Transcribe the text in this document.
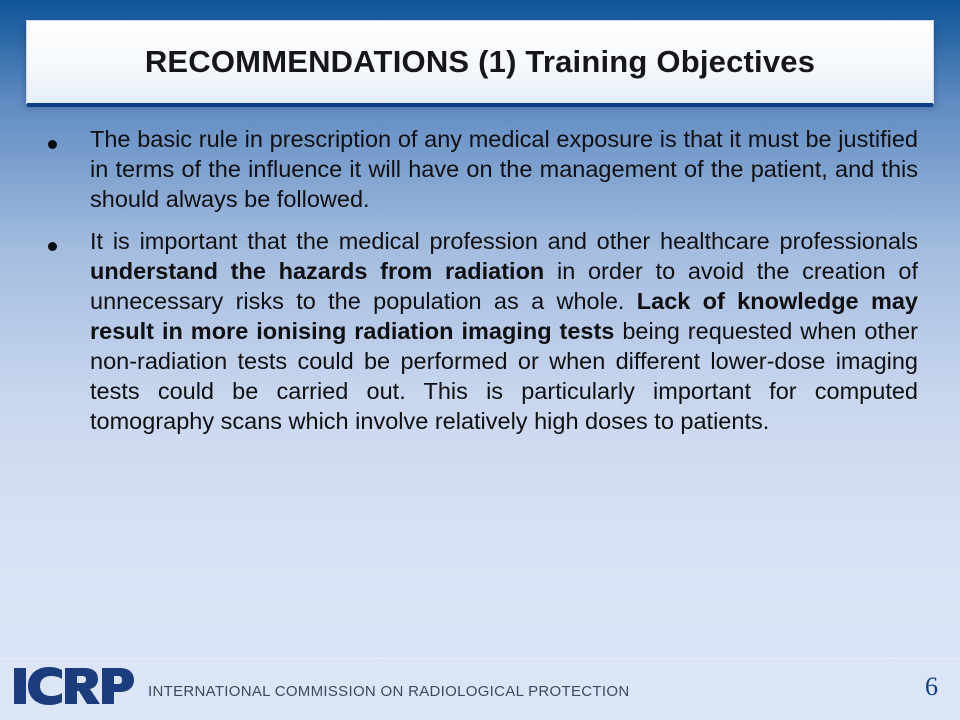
RECOMMENDATIONS (1) Training Objectives
The basic rule in prescription of any medical exposure is that it must be justified in terms of the influence it will have on the management of the patient, and this should always be followed.
It is important that the medical profession and other healthcare professionals understand the hazards from radiation in order to avoid the creation of unnecessary risks to the population as a whole. Lack of knowledge may result in more ionising radiation imaging tests being requested when other non-radiation tests could be performed or when different lower-dose imaging tests could be carried out. This is particularly important for computed tomography scans which involve relatively high doses to patients.
INTERNATIONAL COMMISSION ON RADIOLOGICAL PROTECTION	6
